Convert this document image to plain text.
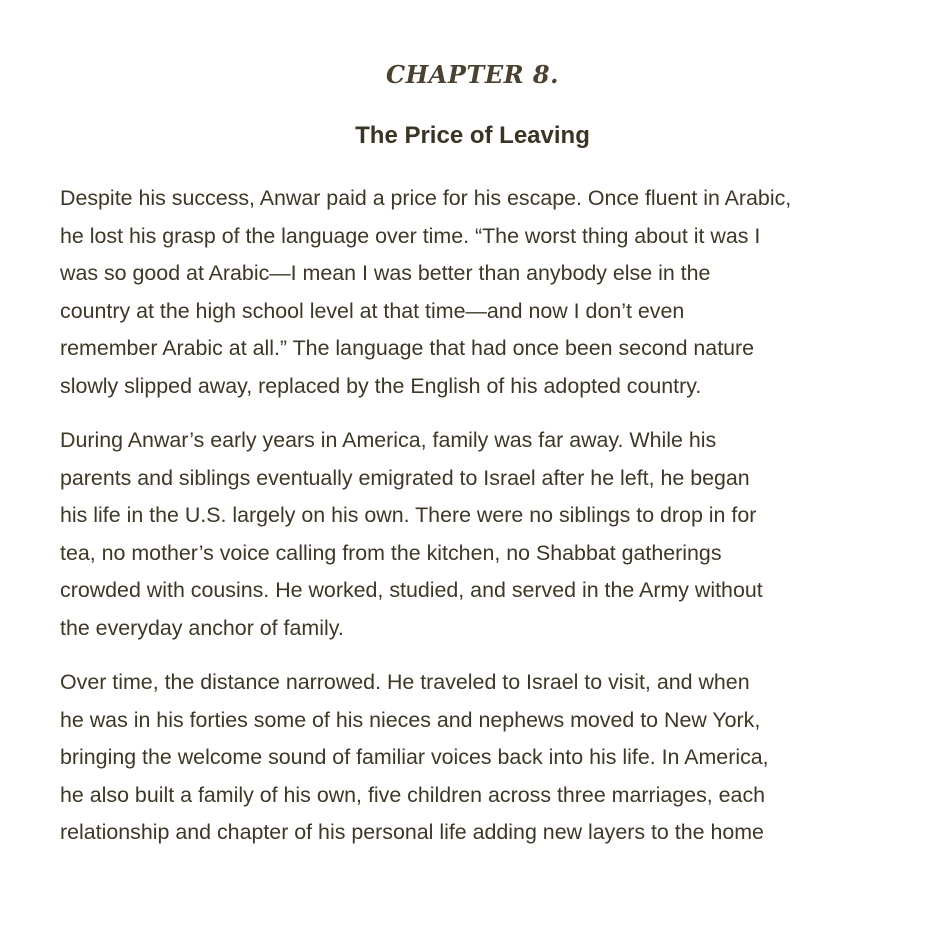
CHAPTER 8.
The Price of Leaving

Despite his success, Anwar paid a price for his escape. Once fluent in Arabic,
he lost his grasp of the language over time. “The worst thing about it was I
was so good at Arabic—I mean I was better than anybody else in the
country at the high school level at that time—and now I don’t even
remember Arabic at all.” The language that had once been second nature
slowly slipped away, replaced by the English of his adopted country.

During Anwar’s early years in America, family was far away. While his
parents and siblings eventually emigrated to Israel after he left, he began
his life in the U.S. largely on his own. There were no siblings to drop in for
tea, no mother’s voice calling from the kitchen, no Shabbat gatherings
crowded with cousins. He worked, studied, and served in the Army without
the everyday anchor of family.

Over time, the distance narrowed. He traveled to Israel to visit, and when
he was in his forties some of his nieces and nephews moved to New York,
bringing the welcome sound of familiar voices back into his life. In America,
he also built a family of his own, five children across three marriages, each
relationship and chapter of his personal life adding new layers to the home
